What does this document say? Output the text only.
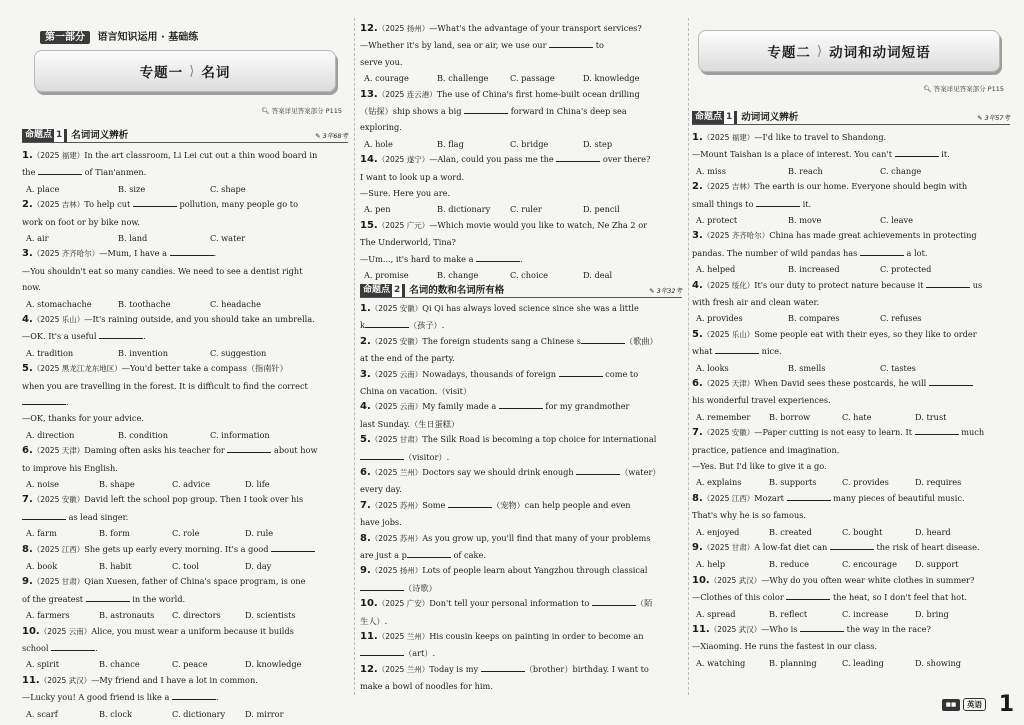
第一部分 语言知识运用 · 基础练
专题一 ⟩ 名词
🔍︎ 答案详见答案部分 P115
命题点 1 名词词义辨析	✎ 3年68考
1.（2025 福建）In the art classroom, Li Lei cut out a thin wood board in
the	of Tian'anmen.
A. place	B. size	C. shape
2.（2025 吉林）To help cut	pollution, many people go to
work on foot or by bike now.
A. air	B. land	C. water
3.（2025 齐齐哈尔）—Mum, I have a	.
—You shouldn't eat so many candies. We need to see a dentist right
now.
A. stomachache	B. toothache	C. headache
4.（2025 乐山）—It's raining outside, and you should take an umbrella.
—OK. It's a useful	.
A. tradition	B. invention	C. suggestion
5.（2025 黑龙江龙东地区）—You'd better take a compass（指南针）
when you are travelling in the forest. It is difficult to find the correct
.
—OK, thanks for your advice.
A. direction	B. condition	C. information
6.（2025 天津）Daming often asks his teacher for	about how
to improve his English.
A. noise	B. shape	C. advice	D. life
7.（2025 安徽）David left the school pop group. Then I took over his
as lead singer.
A. farm	B. form	C. role	D. rule
8.（2025 江西）She gets up early every morning. It's a good
A. book	B. habit	C. tool	D. day
9.（2025 甘肃）Qian Xuesen, father of China's space program, is one
of the greatest	in the world.
A. farmers	B. astronauts	C. directors	D. scientists
10.（2025 云南）Alice, you must wear a uniform because it builds
school	.
A. spirit	B. chance	C. peace	D. knowledge
11.（2025 武汉）—My friend and I have a lot in common.
—Lucky you! A good friend is like a	.
A. scarf	B. clock	C. dictionary	D. mirror
12.（2025 扬州）—What's the advantage of your transport services?
—Whether it's by land, sea or air, we use our	to
serve you.
A. courage	B. challenge	C. passage	D. knowledge
13.（2025 连云港）The use of China's first home-built ocean drilling
（钻探）ship shows a big	forward in China's deep sea
exploring.
A. hole	B. flag	C. bridge	D. step
14.（2025 遂宁）—Alan, could you pass me the	over there?
I want to look up a word.
—Sure. Here you are.
A. pen	B. dictionary	C. ruler	D. pencil
15.（2025 广元）—Which movie would you like to watch, Ne Zha 2 or
The Underworld, Tina?
—Um..., it's hard to make a	.
A. promise	B. change	C. choice	D. deal
命题点 2 名词的数和名词所有格	✎ 3年32考
1.（2025 安徽）Qi Qi has always loved science since she was a little
k	（孩子）.
2.（2025 安徽）The foreign students sang a Chinese s	（歌曲）
at the end of the party.
3.（2025 云南）Nowadays, thousands of foreign	come to
China on vacation.（visit）
4.（2025 云南）My family made a	for my grandmother
last Sunday.（生日蛋糕）
5.（2025 甘肃）The Silk Road is becoming a top choice for international
（visitor）.
6.（2025 兰州）Doctors say we should drink enough	（water）
every day.
7.（2025 苏州）Some	（宠物）can help people and even
have jobs.
8.（2025 苏州）As you grow up, you'll find that many of your problems
are just a p	of cake.
9.（2025 扬州）Lots of people learn about Yangzhou through classical
（诗歌）
10.（2025 广安）Don't tell your personal information to	（陌
生人）.
11.（2025 兰州）His cousin keeps on painting in order to become an
（art）.
12.（2025 兰州）Today is my	（brother）birthday. I want to
make a bowl of noodles for him.
专题二 ⟩ 动词和动词短语
🔍︎ 答案详见答案部分 P115
命题点 1 动词词义辨析	✎ 3年57考
1.（2025 福建）—I'd like to travel to Shandong.
—Mount Taishan is a place of interest. You can't	it.
A. miss	B. reach	C. change
2.（2025 吉林）The earth is our home. Everyone should begin with
small things to	it.
A. protect	B. move	C. leave
3.（2025 齐齐哈尔）China has made great achievements in protecting
pandas. The number of wild pandas has	a lot.
A. helped	B. increased	C. protected
4.（2025 绥化）It's our duty to protect nature because it	us
with fresh air and clean water.
A. provides	B. compares	C. refuses
5.（2025 乐山）Some people eat with their eyes, so they like to order
what	nice.
A. looks	B. smells	C. tastes
6.（2025 天津）When David sees these postcards, he will
his wonderful travel experiences.
A. remember	B. borrow	C. hate	D. trust
7.（2025 安徽）—Paper cutting is not easy to learn. It	much
practice, patience and imagination.
—Yes. But I'd like to give it a go.
A. explains	B. supports	C. provides	D. requires
8.（2025 江西）Mozart	many pieces of beautiful music.
That's why he is so famous.
A. enjoyed	B. created	C. bought	D. heard
9.（2025 甘肃）A low-fat diet can	the risk of heart disease.
A. help	B. reduce	C. encourage	D. support
10.（2025 武汉）—Why do you often wear white clothes in summer?
—Clothes of this color	the heat, so I don't feel that hot.
A. spread	B. reflect	C. increase	D. bring
11.（2025 武汉）—Who is	the way in the race?
—Xiaoming. He runs the fastest in our class.
A. watching	B. planning	C. leading	D. showing
■■	英语 1
